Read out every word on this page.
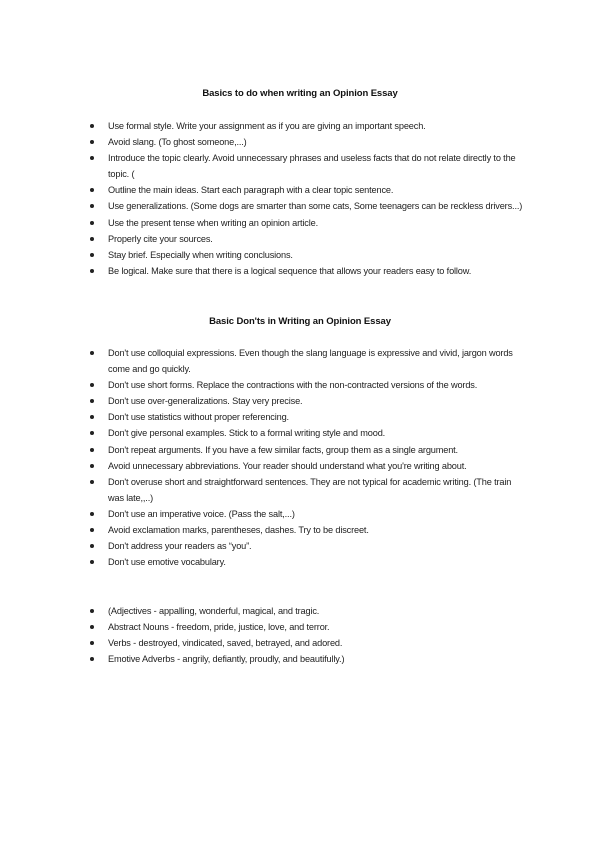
Basics to do when writing an Opinion Essay
Use formal style. Write your assignment as if you are giving an important speech.
Avoid slang. (To ghost someone,...)
Introduce the topic clearly. Avoid unnecessary phrases and useless facts that do not relate directly to the topic. (
Outline the main ideas. Start each paragraph with a clear topic sentence.
Use generalizations. (Some dogs are smarter than some cats, Some teenagers can be reckless drivers...)
Use the present tense when writing an opinion article.
Properly cite your sources.
Stay brief. Especially when writing conclusions.
Be logical. Make sure that there is a logical sequence that allows your readers easy to follow.
Basic Don'ts in Writing an Opinion Essay
Don't use colloquial expressions. Even though the slang language is expressive and vivid, jargon words come and go quickly.
Don't use short forms. Replace the contractions with the non-contracted versions of the words.
Don't use over-generalizations. Stay very precise.
Don't use statistics without proper referencing.
Don't give personal examples. Stick to a formal writing style and mood.
Don't repeat arguments. If you have a few similar facts, group them as a single argument.
Avoid unnecessary abbreviations. Your reader should understand what you're writing about.
Don't overuse short and straightforward sentences. They are not typical for academic writing. (The train was late,,..)
Don't use an imperative voice. (Pass the salt,...)
Avoid exclamation marks, parentheses, dashes. Try to be discreet.
Don't address your readers as “you”.
Don't use emotive vocabulary.
(Adjectives - appalling, wonderful, magical, and tragic.
Abstract Nouns - freedom, pride, justice, love, and terror.
Verbs - destroyed, vindicated, saved, betrayed, and adored.
Emotive Adverbs - angrily, defiantly, proudly, and beautifully.)
